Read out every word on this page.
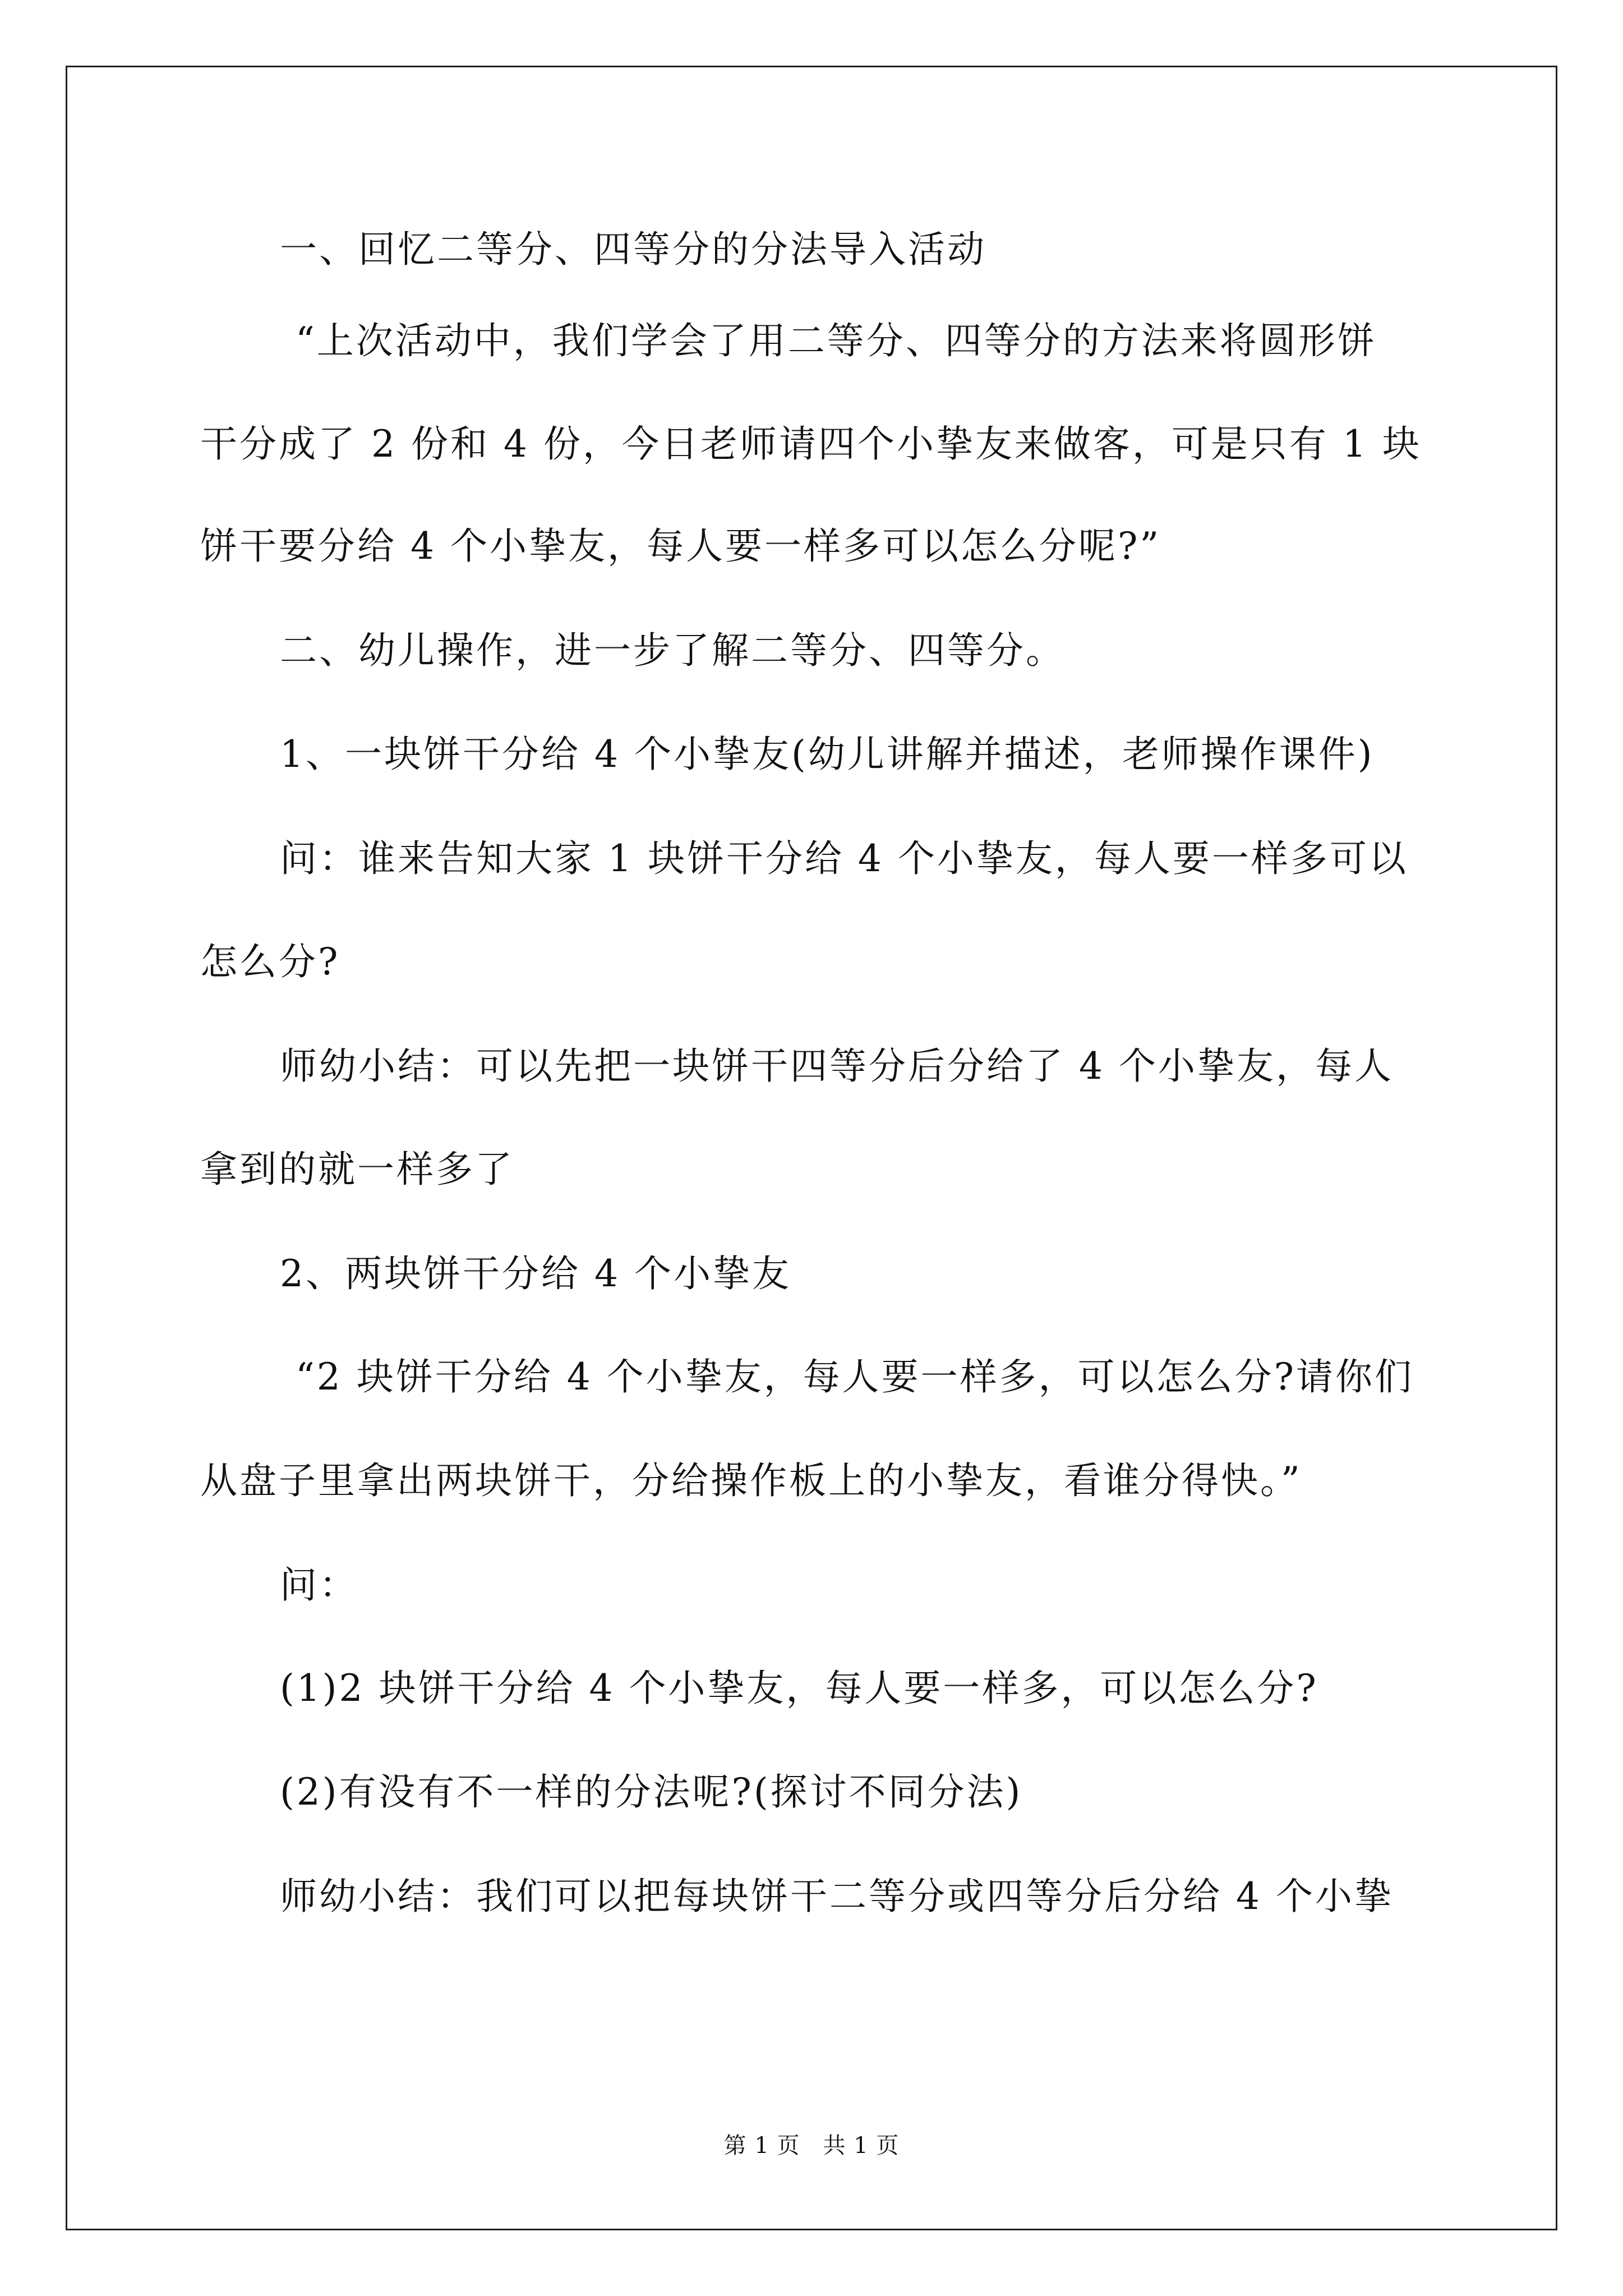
一、回忆二等分、四等分的分法导入活动
“上次活动中，我们学会了用二等分、四等分的方法来将圆形饼
干分成了 2 份和 4 份，今日老师请四个小挚友来做客，可是只有 1 块
饼干要分给 4 个小挚友，每人要一样多可以怎么分呢?”
二、幼儿操作，进一步了解二等分、四等分。
1、一块饼干分给 4 个小挚友(幼儿讲解并描述，老师操作课件)
问：谁来告知大家 1 块饼干分给 4 个小挚友，每人要一样多可以
怎么分?
师幼小结：可以先把一块饼干四等分后分给了 4 个小挚友，每人
拿到的就一样多了
2、两块饼干分给 4 个小挚友
“2 块饼干分给 4 个小挚友，每人要一样多，可以怎么分?请你们
从盘子里拿出两块饼干，分给操作板上的小挚友，看谁分得快。”
问：
(1)2 块饼干分给 4 个小挚友，每人要一样多，可以怎么分?
(2)有没有不一样的分法呢?(探讨不同分法)
师幼小结：我们可以把每块饼干二等分或四等分后分给 4 个小挚
第 1 页　共 1 页
